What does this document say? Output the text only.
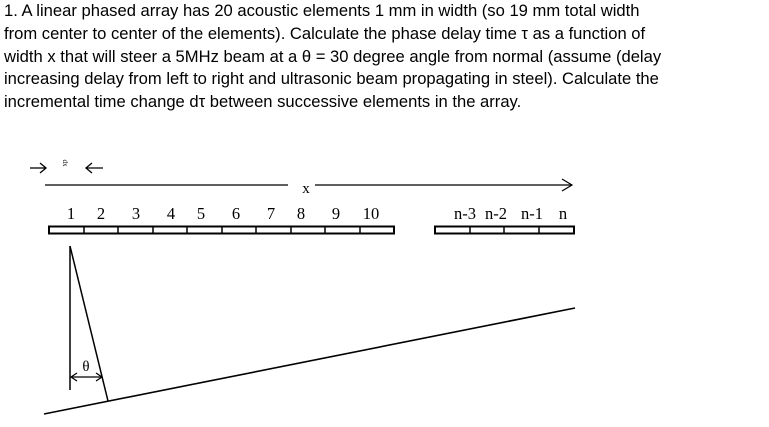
1. A linear phased array has 20 acoustic elements 1 mm in width (so 19 mm total width
from center to center of the elements). Calculate the phase delay time τ as a function of
width x that will steer a 5MHz beam at a θ = 30 degree angle from normal (assume (delay
increasing delay from left to right and ultrasonic beam propagating in steel). Calculate the
incremental time change dτ between successive elements in the array.
dx
x
1 2 3 4 5 6 7 8 9 10	n-3 n-2 n-1 n
θ
